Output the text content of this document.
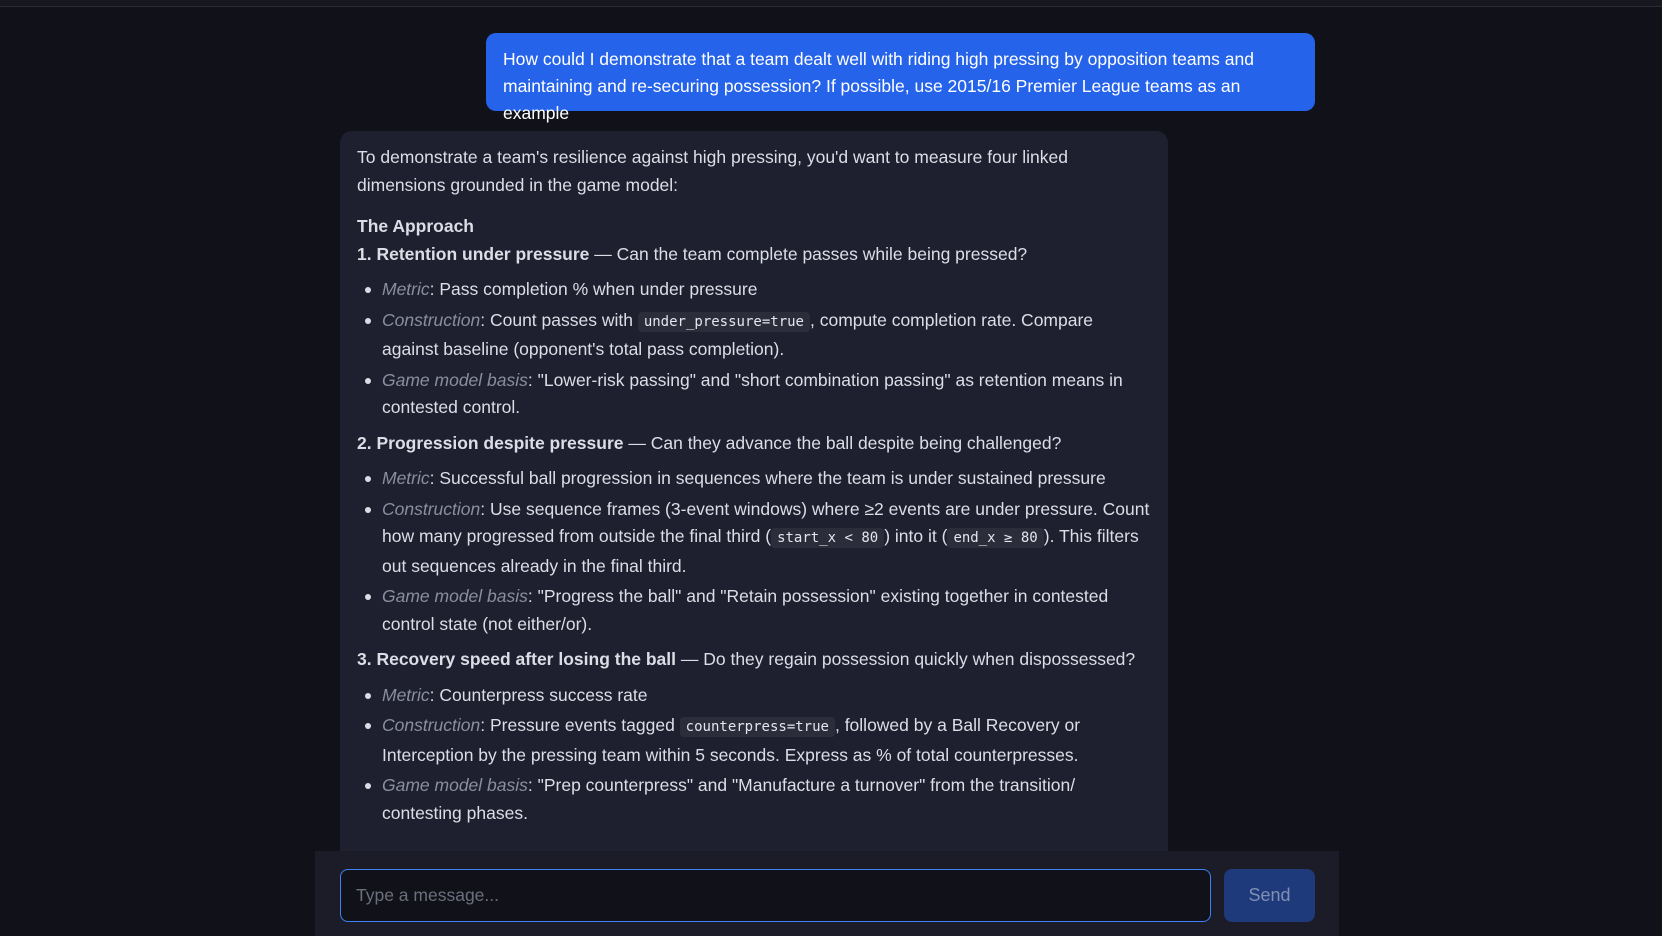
How could I demonstrate that a team dealt well with riding high pressing by opposition teams and maintaining and re-securing possession? If possible, use 2015/16 Premier League teams as an example

To demonstrate a team's resilience against high pressing, you'd want to measure four linked dimensions grounded in the game model:

The Approach

1. Retention under pressure — Can the team complete passes while being pressed?

Metric: Pass completion % when under pressure
Construction: Count passes with under_pressure=true , compute completion rate. Compare against baseline (opponent's total pass completion).
Game model basis: "Lower-risk passing" and "short combination passing" as retention means in contested control.

2. Progression despite pressure — Can they advance the ball despite being challenged?

Metric: Successful ball progression in sequences where the team is under sustained pressure
Construction: Use sequence frames (3-event windows) where ≥2 events are under pressure. Count how many progressed from outside the final third ( start_x < 80 ) into it ( end_x ≥ 80 ). This filters out sequences already in the final third.
Game model basis: "Progress the ball" and "Retain possession" existing together in contested control state (not either/or).

3. Recovery speed after losing the ball — Do they regain possession quickly when dispossessed?

Metric: Counterpress success rate
Construction: Pressure events tagged counterpress=true , followed by a Ball Recovery or Interception by the pressing team within 5 seconds. Express as % of total counterpresses.
Game model basis: "Prep counterpress" and "Manufacture a turnover" from the transition/ contesting phases.
Type a message...
Send
